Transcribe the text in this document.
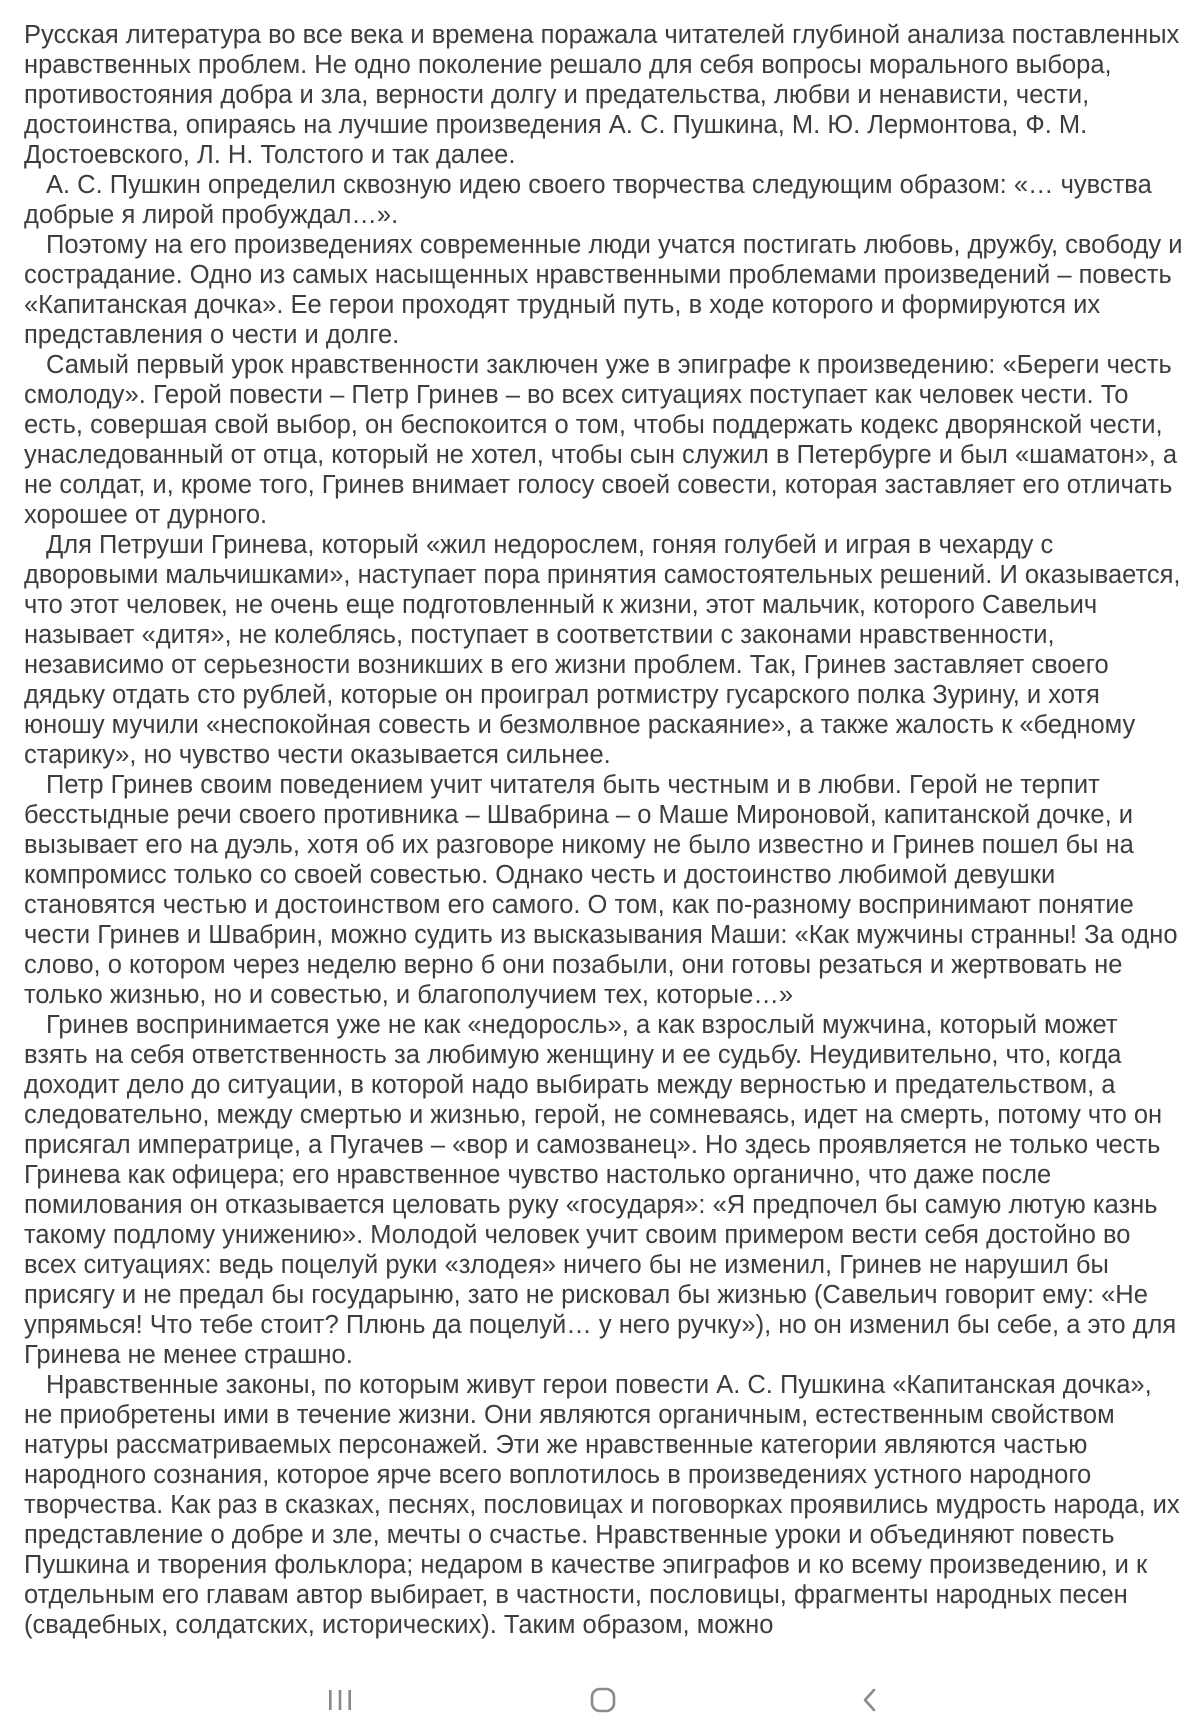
Русская литература во все века и времена поражала читателей глубиной анализа поставленных нравственных проблем. Не одно поколение решало для себя вопросы морального выбора, противостояния добра и зла, верности долгу и предательства, любви и ненависти, чести, достоинства, опираясь на лучшие произведения А. С. Пушкина, М. Ю. Лермонтова, Ф. М. Достоевского, Л. Н. Толстого и так далее.

А. С. Пушкин определил сквозную идею своего творчества следующим образом: «… чувства добрые я лирой пробуждал…».

Поэтому на его произведениях современные люди учатся постигать любовь, дружбу, свободу и сострадание. Одно из самых насыщенных нравственными проблемами произведений – повесть «Капитанская дочка». Ее герои проходят трудный путь, в ходе которого и формируются их представления о чести и долге.

Самый первый урок нравственности заключен уже в эпиграфе к произведению: «Береги честь смолоду». Герой повести – Петр Гринев – во всех ситуациях поступает как человек чести. То есть, совершая свой выбор, он беспокоится о том, чтобы поддержать кодекс дворянской чести, унаследованный от отца, который не хотел, чтобы сын служил в Петербурге и был «шаматон», а не солдат, и, кроме того, Гринев внимает голосу своей совести, которая заставляет его отличать хорошее от дурного.

Для Петруши Гринева, который «жил недорослем, гоняя голубей и играя в чехарду с дворовыми мальчишками», наступает пора принятия самостоятельных решений. И оказывается, что этот человек, не очень еще подготовленный к жизни, этот мальчик, которого Савельич называет «дитя», не колеблясь, поступает в соответствии с законами нравственности, независимо от серьезности возникших в его жизни проблем. Так, Гринев заставляет своего дядьку отдать сто рублей, которые он проиграл ротмистру гусарского полка Зурину, и хотя юношу мучили «неспокойная совесть и безмолвное раскаяние», а также жалость к «бедному старику», но чувство чести оказывается сильнее.

Петр Гринев своим поведением учит читателя быть честным и в любви. Герой не терпит бесстыдные речи своего противника – Швабрина – о Маше Мироновой, капитанской дочке, и вызывает его на дуэль, хотя об их разговоре никому не было известно и Гринев пошел бы на компромисс только со своей совестью. Однако честь и достоинство любимой девушки становятся честью и достоинством его самого. О том, как по-разному воспринимают понятие чести Гринев и Швабрин, можно судить из высказывания Маши: «Как мужчины странны! За одно слово, о котором через неделю верно б они позабыли, они готовы резаться и жертвовать не только жизнью, но и совестью, и благополучием тех, которые…»

Гринев воспринимается уже не как «недоросль», а как взрослый мужчина, который может взять на себя ответственность за любимую женщину и ее судьбу. Неудивительно, что, когда доходит дело до ситуации, в которой надо выбирать между верностью и предательством, а следовательно, между смертью и жизнью, герой, не сомневаясь, идет на смерть, потому что он присягал императрице, а Пугачев – «вор и самозванец». Но здесь проявляется не только честь Гринева как офицера; его нравственное чувство настолько органично, что даже после помилования он отказывается целовать руку «государя»: «Я предпочел бы самую лютую казнь такому подлому унижению». Молодой человек учит своим примером вести себя достойно во всех ситуациях: ведь поцелуй руки «злодея» ничего бы не изменил, Гринев не нарушил бы присягу и не предал бы государыню, зато не рисковал бы жизнью (Савельич говорит ему: «Не упрямься! Что тебе стоит? Плюнь да поцелуй… у него ручку»), но он изменил бы себе, а это для Гринева не менее страшно.

Нравственные законы, по которым живут герои повести А. С. Пушкина «Капитанская дочка», не приобретены ими в течение жизни. Они являются органичным, естественным свойством натуры рассматриваемых персонажей. Эти же нравственные категории являются частью народного сознания, которое ярче всего воплотилось в произведениях устного народного творчества. Как раз в сказках, песнях, пословицах и поговорках проявились мудрость народа, их представление о добре и зле, мечты о счастье. Нравственные уроки и объединяют повесть Пушкина и творения фольклора; недаром в качестве эпиграфов и ко всему произведению, и к отдельным его главам автор выбирает, в частности, пословицы, фрагменты народных песен (свадебных, солдатских, исторических). Таким образом, можно
